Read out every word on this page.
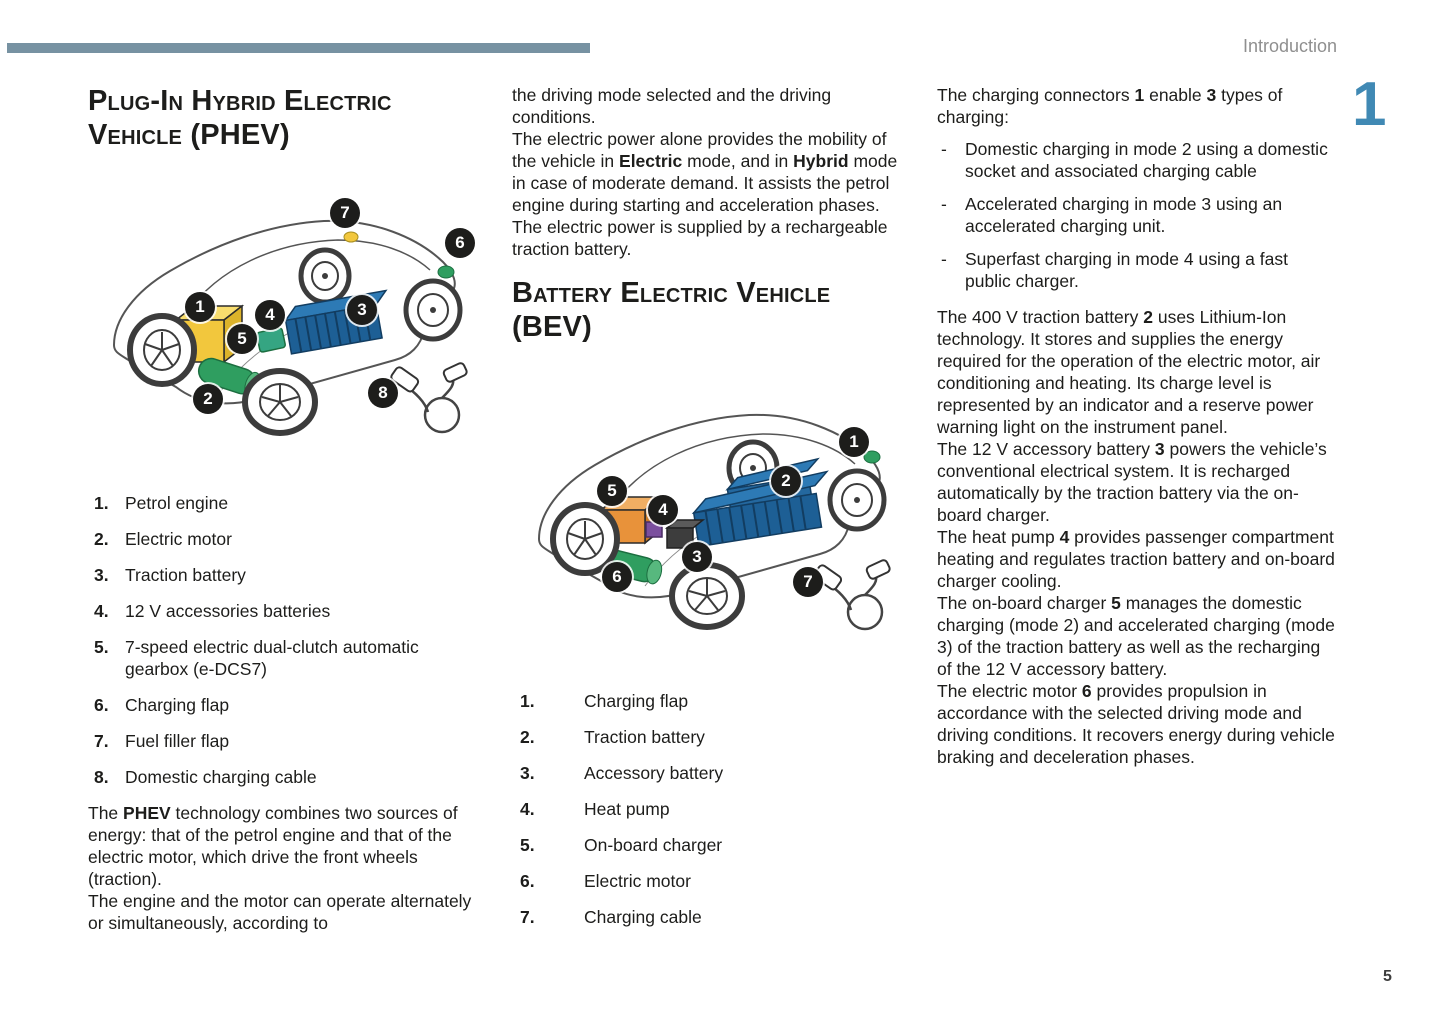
Introduction
1
Plug-In Hybrid Electric
Vehicle (PHEV)
1
2
3
4
5
6
7
8
1. Petrol engine
2. Electric motor
3. Traction battery
4. 12 V accessories batteries
5. 7-speed electric dual-clutch automatic gearbox (e-DCS7)
6. Charging flap
7. Fuel filler flap
8. Domestic charging cable
The PHEV technology combines two sources of energy: that of the petrol engine and that of the electric motor, which drive the front wheels (traction).
The engine and the motor can operate alternately or simultaneously, according to
the driving mode selected and the driving conditions.
The electric power alone provides the mobility of the vehicle in Electric mode, and in Hybrid mode in case of moderate demand. It assists the petrol engine during starting and acceleration phases.
The electric power is supplied by a rechargeable traction battery.
Battery Electric Vehicle
(BEV)
1
2
3
4
5
6	7
1.	Charging flap
2.	Traction battery
3.	Accessory battery
4.	Heat pump
5.	On-board charger
6.	Electric motor
7.	Charging cable
The charging connectors 1 enable 3 types of charging:
-	Domestic charging in mode 2 using a domestic socket and associated charging cable
-	Accelerated charging in mode 3 using an accelerated charging unit.
-	Superfast charging in mode 4 using a fast public charger.
The 400 V traction battery 2 uses Lithium-Ion technology. It stores and supplies the energy required for the operation of the electric motor, air conditioning and heating. Its charge level is represented by an indicator and a reserve power warning light on the instrument panel.
The 12 V accessory battery 3 powers the vehicle’s conventional electrical system. It is recharged automatically by the traction battery via the on-board charger.
The heat pump 4 provides passenger compartment heating and regulates traction battery and on-board charger cooling.
The on-board charger 5 manages the domestic charging (mode 2) and accelerated charging (mode 3) of the traction battery as well as the recharging of the 12 V accessory battery.
The electric motor 6 provides propulsion in accordance with the selected driving mode and driving conditions. It recovers energy during vehicle braking and deceleration phases.
5
